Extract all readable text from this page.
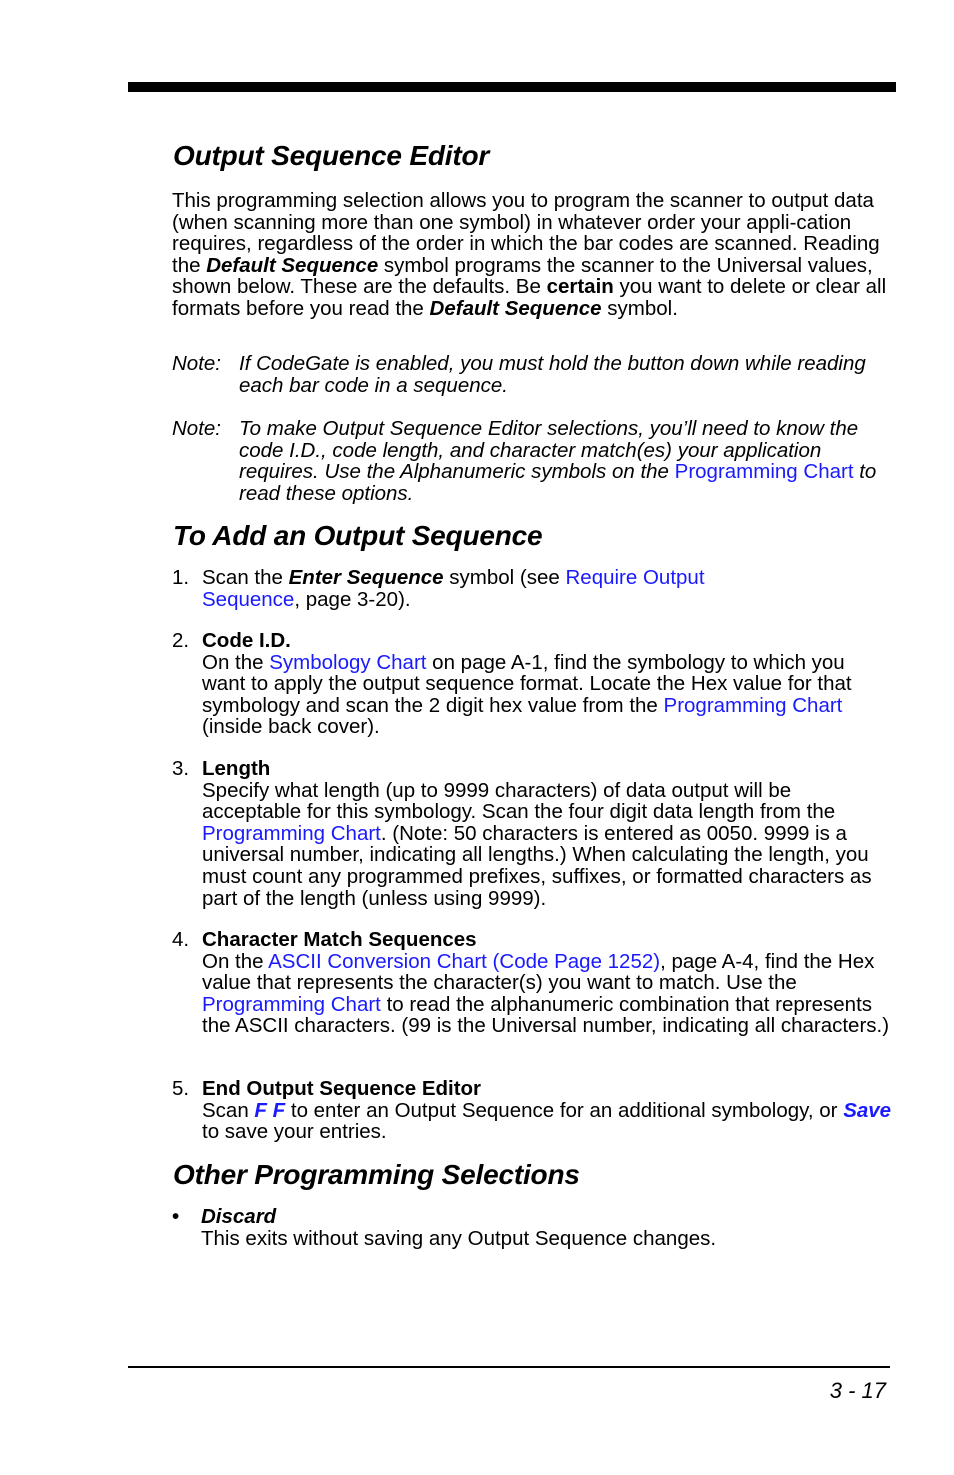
Output Sequence Editor

This programming selection allows you to program the scanner to output data (when scanning more than one symbol) in whatever order your appli-cation requires, regardless of the order in which the bar codes are scanned. Reading the Default Sequence symbol programs the scanner to the Universal values, shown below. These are the defaults. Be certain you want to delete or clear all formats before you read the Default Sequence symbol.

Note: If CodeGate is enabled, you must hold the button down while reading each bar code in a sequence.
Note: To make Output Sequence Editor selections, you’ll need to know the code I.D., code length, and character match(es) your application requires. Use the Alphanumeric symbols on the Programming Chart to read these options.
To Add an Output Sequence
1. Scan the Enter Sequence symbol (see Require Output Sequence, page 3-20).
2. Code I.D.
On the Symbology Chart on page A-1, find the symbology to which you want to apply the output sequence format. Locate the Hex value for that symbology and scan the 2 digit hex value from the Programming Chart (inside back cover).
3. Length
Specify what length (up to 9999 characters) of data output will be acceptable for this symbology. Scan the four digit data length from the Programming Chart. (Note: 50 characters is entered as 0050. 9999 is a universal number, indicating all lengths.) When calculating the length, you must count any programmed prefixes, suffixes, or formatted characters as part of the length (unless using 9999).
4. Character Match Sequences
On the ASCII Conversion Chart (Code Page 1252), page A-4, find the Hex value that represents the character(s) you want to match. Use the Programming Chart to read the alphanumeric combination that represents the ASCII characters. (99 is the Universal number, indicating all characters.)
5. End Output Sequence Editor
Scan F F to enter an Output Sequence for an additional symbology, or Save to save your entries.
Other Programming Selections
• Discard
This exits without saving any Output Sequence changes.
3 - 17
